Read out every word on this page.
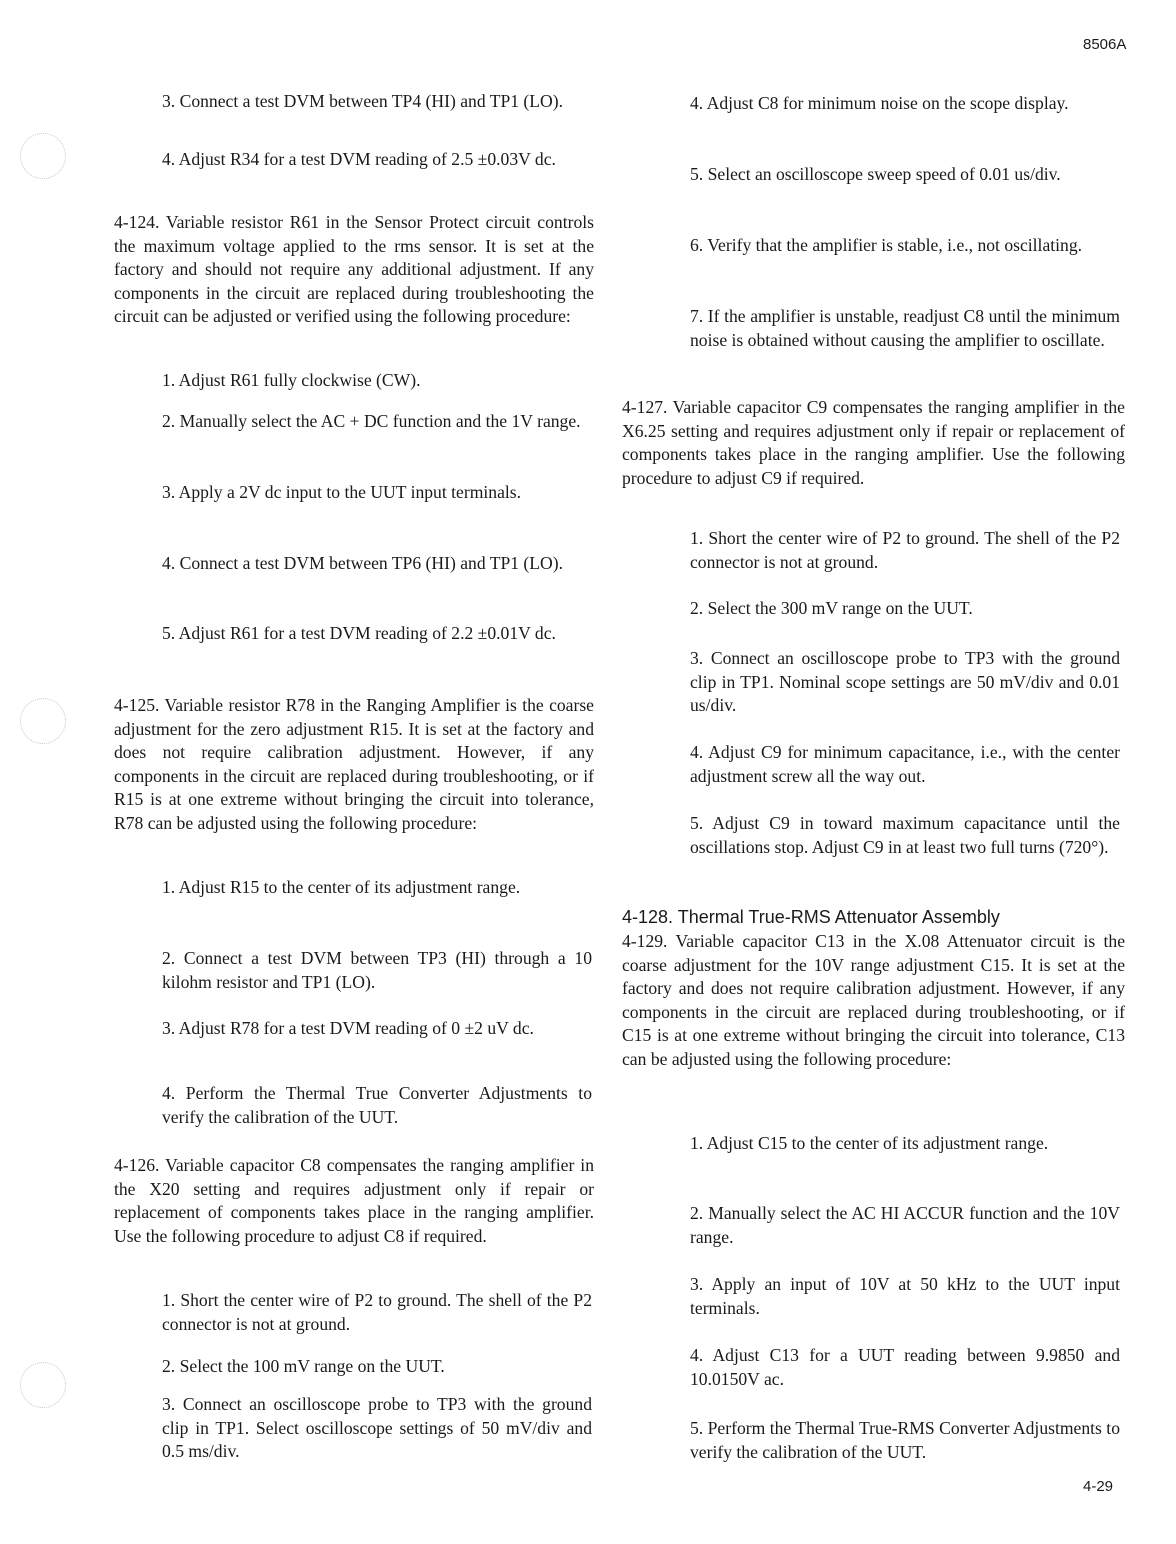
8506A
4-29
3. Connect a test DVM between TP4 (HI) and TP1 (LO).
4. Adjust R34 for a test DVM reading of 2.5 ±0.03V dc.
4-124. Variable resistor R61 in the Sensor Protect circuit controls the maximum voltage applied to the rms sensor. It is set at the factory and should not require any additional adjustment. If any components in the circuit are replaced during troubleshooting the circuit can be adjusted or verified using the following procedure:
1. Adjust R61 fully clockwise (CW).
2. Manually select the AC + DC function and the 1V range.
3. Apply a 2V dc input to the UUT input terminals.
4. Connect a test DVM between TP6 (HI) and TP1 (LO).
5. Adjust R61 for a test DVM reading of 2.2 ±0.01V dc.
4-125. Variable resistor R78 in the Ranging Amplifier is the coarse adjustment for the zero adjustment R15. It is set at the factory and does not require calibration adjustment. However, if any components in the circuit are replaced during troubleshooting, or if R15 is at one extreme without bringing the circuit into tolerance, R78 can be adjusted using the following procedure:
1. Adjust R15 to the center of its adjustment range.
2. Connect a test DVM between TP3 (HI) through a 10 kilohm resistor and TP1 (LO).
3. Adjust R78 for a test DVM reading of 0 ±2 uV dc.
4. Perform the Thermal True Converter Adjustments to verify the calibration of the UUT.
4-126. Variable capacitor C8 compensates the ranging amplifier in the X20 setting and requires adjustment only if repair or replacement of components takes place in the ranging amplifier. Use the following procedure to adjust C8 if required.
1. Short the center wire of P2 to ground. The shell of the P2 connector is not at ground.
2. Select the 100 mV range on the UUT.
3. Connect an oscilloscope probe to TP3 with the ground clip in TP1. Select oscilloscope settings of 50 mV/div and 0.5 ms/div.
4. Adjust C8 for minimum noise on the scope display.
5. Select an oscilloscope sweep speed of 0.01 us/div.
6. Verify that the amplifier is stable, i.e., not oscillating.
7. If the amplifier is unstable, readjust C8 until the minimum noise is obtained without causing the amplifier to oscillate.
4-127. Variable capacitor C9 compensates the ranging amplifier in the X6.25 setting and requires adjustment only if repair or replacement of components takes place in the ranging amplifier. Use the following procedure to adjust C9 if required.
1. Short the center wire of P2 to ground. The shell of the P2 connector is not at ground.
2. Select the 300 mV range on the UUT.
3. Connect an oscilloscope probe to TP3 with the ground clip in TP1. Nominal scope settings are 50 mV/div and 0.01 us/div.
4. Adjust C9 for minimum capacitance, i.e., with the center adjustment screw all the way out.
5. Adjust C9 in toward maximum capacitance until the oscillations stop. Adjust C9 in at least two full turns (720°).
4-128. Thermal True-RMS Attenuator Assembly
4-129. Variable capacitor C13 in the X.08 Attenuator circuit is the coarse adjustment for the 10V range adjustment C15. It is set at the factory and does not require calibration adjustment. However, if any components in the circuit are replaced during troubleshooting, or if C15 is at one extreme without bringing the circuit into tolerance, C13 can be adjusted using the following procedure:
1. Adjust C15 to the center of its adjustment range.
2. Manually select the AC HI ACCUR function and the 10V range.
3. Apply an input of 10V at 50 kHz to the UUT input terminals.
4. Adjust C13 for a UUT reading between 9.9850 and 10.0150V ac.
5. Perform the Thermal True-RMS Converter Adjustments to verify the calibration of the UUT.
